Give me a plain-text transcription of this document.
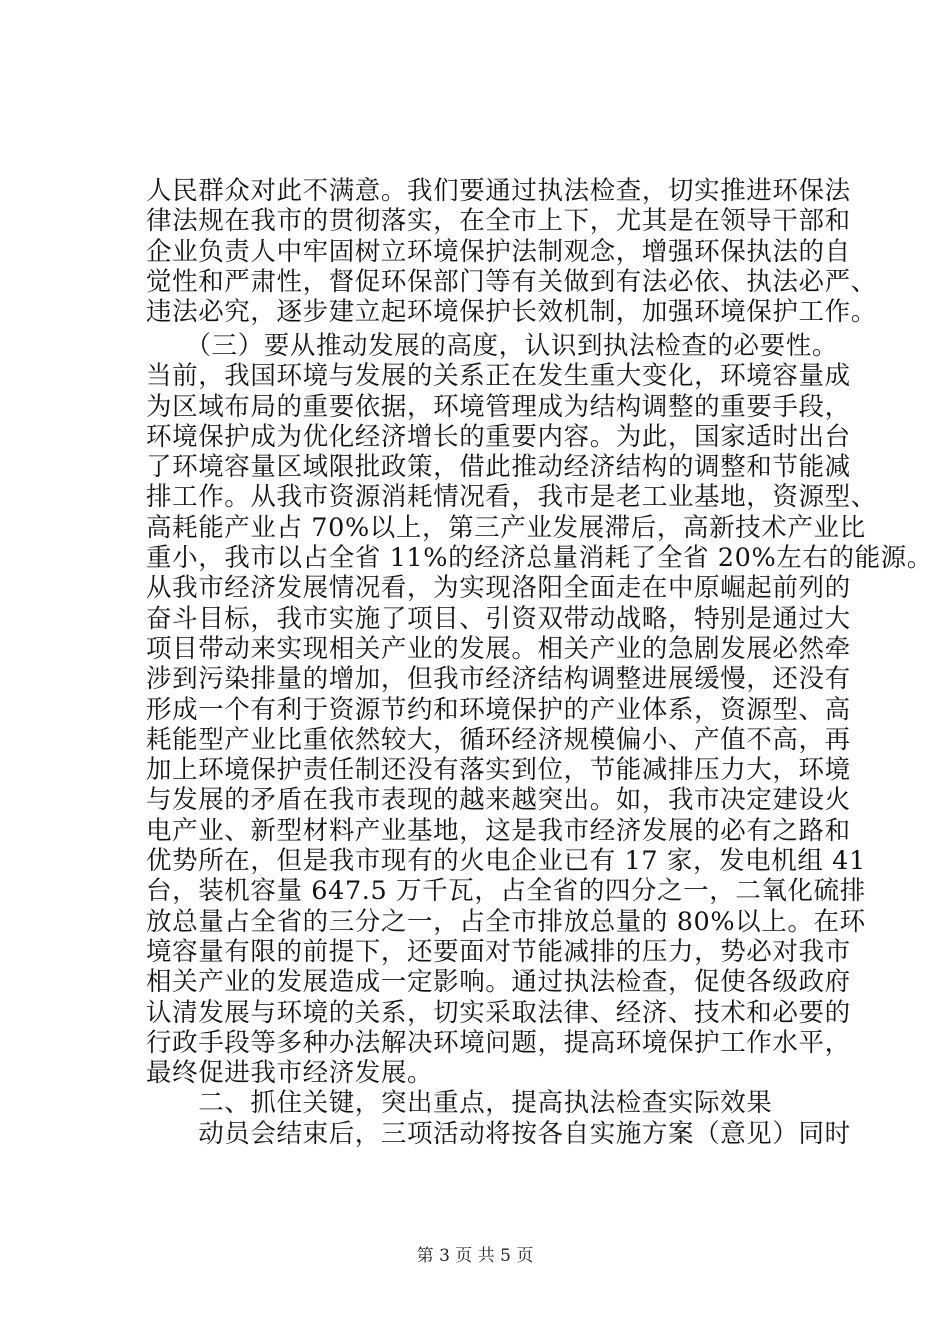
人民群众对此不满意。我们要通过执法检查，切实推进环保法
律法规在我市的贯彻落实，在全市上下，尤其是在领导干部和
企业负责人中牢固树立环境保护法制观念，增强环保执法的自
觉性和严肃性，督促环保部门等有关做到有法必依、执法必严、
违法必究，逐步建立起环境保护长效机制，加强环境保护工作。
　　（三）要从推动发展的高度，认识到执法检查的必要性。
当前，我国环境与发展的关系正在发生重大变化，环境容量成
为区域布局的重要依据，环境管理成为结构调整的重要手段，
环境保护成为优化经济增长的重要内容。为此，国家适时出台
了环境容量区域限批政策，借此推动经济结构的调整和节能减
排工作。从我市资源消耗情况看，我市是老工业基地，资源型、
高耗能产业占 70%以上，第三产业发展滞后，高新技术产业比
重小，我市以占全省 11%的经济总量消耗了全省 20%左右的能源。
从我市经济发展情况看，为实现洛阳全面走在中原崛起前列的
奋斗目标，我市实施了项目、引资双带动战略，特别是通过大
项目带动来实现相关产业的发展。相关产业的急剧发展必然牵
涉到污染排量的增加，但我市经济结构调整进展缓慢，还没有
形成一个有利于资源节约和环境保护的产业体系，资源型、高
耗能型产业比重依然较大，循环经济规模偏小、产值不高，再
加上环境保护责任制还没有落实到位，节能减排压力大，环境
与发展的矛盾在我市表现的越来越突出。如，我市决定建设火
电产业、新型材料产业基地，这是我市经济发展的必有之路和
优势所在，但是我市现有的火电企业已有 17 家，发电机组 41
台，装机容量 647.5 万千瓦，占全省的四分之一，二氧化硫排
放总量占全省的三分之一，占全市排放总量的 80%以上。在环
境容量有限的前提下，还要面对节能减排的压力，势必对我市
相关产业的发展造成一定影响。通过执法检查，促使各级政府
认清发展与环境的关系，切实采取法律、经济、技术和必要的
行政手段等多种办法解决环境问题，提高环境保护工作水平，
最终促进我市经济发展。
　　二、抓住关键，突出重点，提高执法检查实际效果
　　动员会结束后，三项活动将按各自实施方案（意见）同时
第 3 页 共 5 页
